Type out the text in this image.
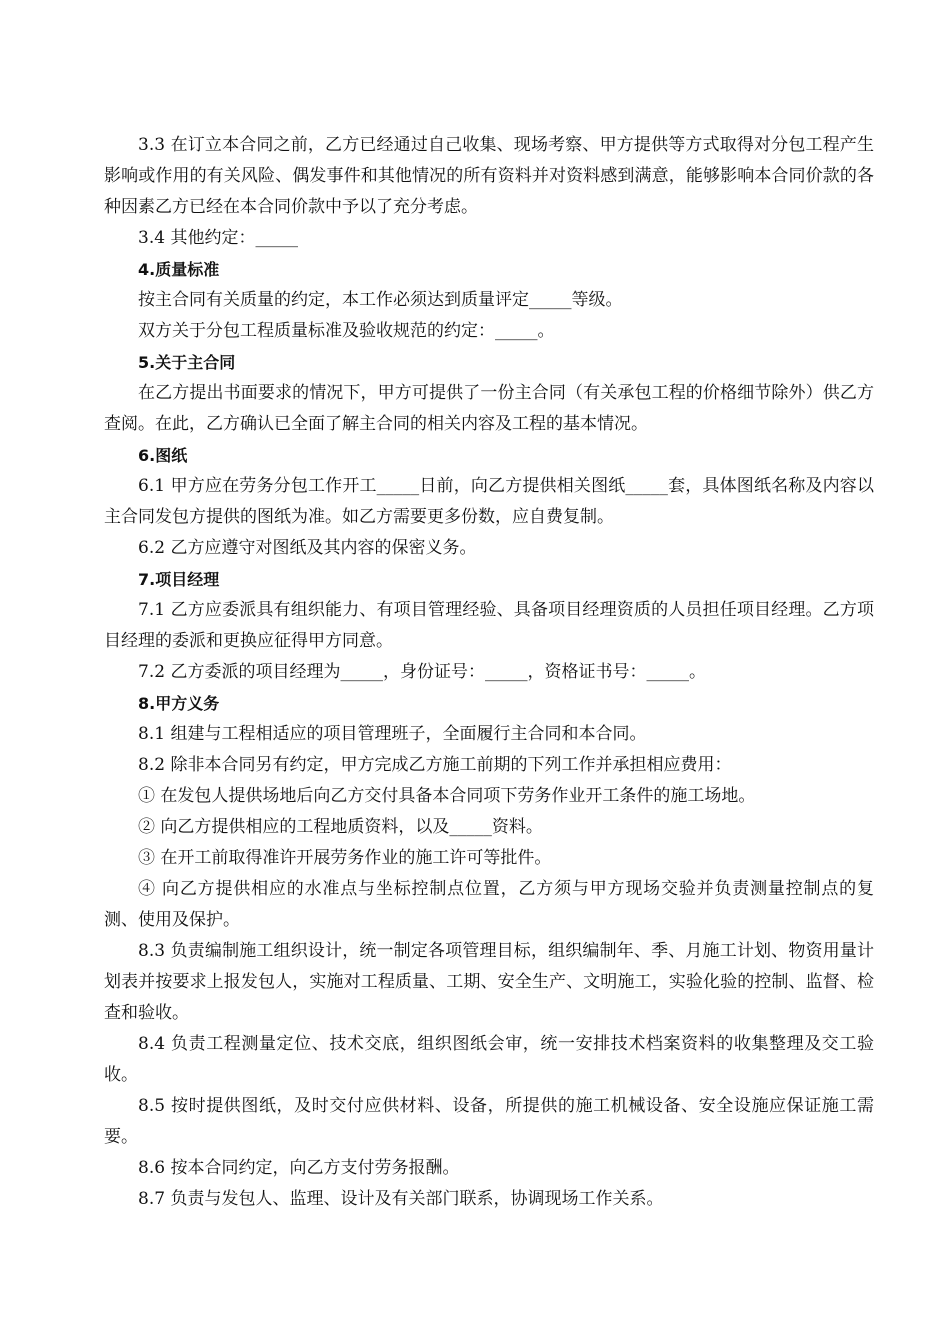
3.3 在订立本合同之前，乙方已经通过自己收集、现场考察、甲方提供等方式取得对分包工程产生影响或作用的有关风险、偶发事件和其他情况的所有资料并对资料感到满意，能够影响本合同价款的各种因素乙方已经在本合同价款中予以了充分考虑。

3.4 其他约定：_____

4.质量标准

按主合同有关质量的约定，本工作必须达到质量评定_____等级。

双方关于分包工程质量标准及验收规范的约定：_____。

5.关于主合同

在乙方提出书面要求的情况下，甲方可提供了一份主合同（有关承包工程的价格细节除外）供乙方查阅。在此，乙方确认已全面了解主合同的相关内容及工程的基本情况。

6.图纸

6.1 甲方应在劳务分包工作开工_____日前，向乙方提供相关图纸_____套，具体图纸名称及内容以主合同发包方提供的图纸为准。如乙方需要更多份数，应自费复制。

6.2 乙方应遵守对图纸及其内容的保密义务。

7.项目经理

7.1 乙方应委派具有组织能力、有项目管理经验、具备项目经理资质的人员担任项目经理。乙方项目经理的委派和更换应征得甲方同意。

7.2 乙方委派的项目经理为_____，身份证号：_____，资格证书号：_____。

8.甲方义务

8.1 组建与工程相适应的项目管理班子，全面履行主合同和本合同。

8.2 除非本合同另有约定，甲方完成乙方施工前期的下列工作并承担相应费用：

① 在发包人提供场地后向乙方交付具备本合同项下劳务作业开工条件的施工场地。

② 向乙方提供相应的工程地质资料，以及_____资料。

③ 在开工前取得准许开展劳务作业的施工许可等批件。

④ 向乙方提供相应的水准点与坐标控制点位置，乙方须与甲方现场交验并负责测量控制点的复测、使用及保护。

8.3 负责编制施工组织设计，统一制定各项管理目标，组织编制年、季、月施工计划、物资用量计划表并按要求上报发包人，实施对工程质量、工期、安全生产、文明施工，实验化验的控制、监督、检查和验收。

8.4 负责工程测量定位、技术交底，组织图纸会审，统一安排技术档案资料的收集整理及交工验收。

8.5 按时提供图纸，及时交付应供材料、设备，所提供的施工机械设备、安全设施应保证施工需要。

8.6 按本合同约定，向乙方支付劳务报酬。

8.7 负责与发包人、监理、设计及有关部门联系，协调现场工作关系。
